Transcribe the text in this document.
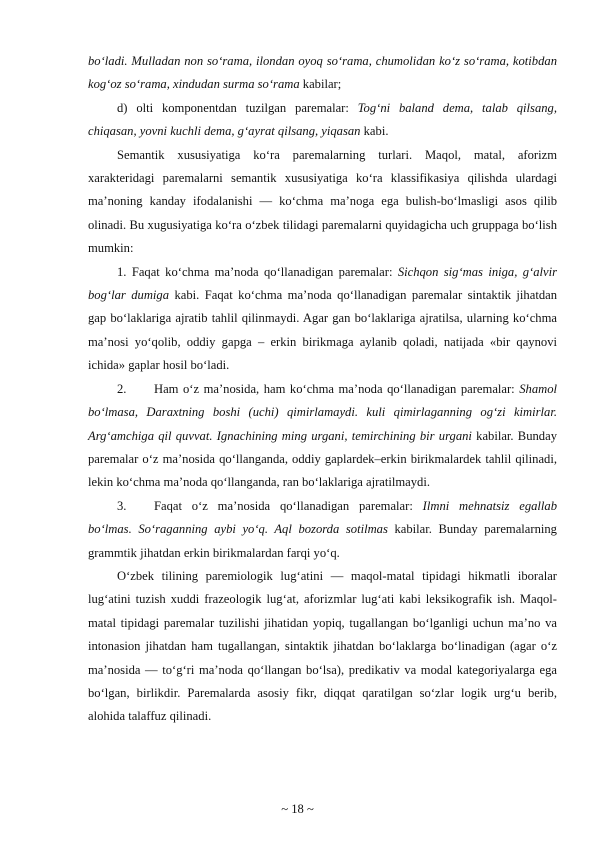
bo‘ladi. Mulladan non so‘rama, ilondan oyoq so‘rama, chumolidan ko‘z so‘rama, kotibdan kog‘oz so‘rama, xindudan surma so‘rama kabilar;

d) olti komponentdan tuzilgan paremalar: Tog‘ni baland dema, talab qilsang, chiqasan, yovni kuchli dema, g‘ayrat qilsang, yiqasan kabi.

Semantik xususiyatiga ko‘ra paremalarning turlari. Maqol, matal, aforizm xarakteridagi paremalarni semantik xususiyatiga ko‘ra klassifikasiya qilishda ulardagi ma’noning kanday ifodalanishi — ko‘chma ma’noga ega bulish-bo‘lmasligi asos qilib olinadi. Bu xugusiyatiga ko‘ra o‘zbek tilidagi paremalarni quyidagicha uch gruppaga bo‘lish mumkin:

1. Faqat ko‘chma ma’noda qo‘llanadigan paremalar: Sichqon sig‘mas iniga, g‘alvir bog‘lar dumiga kabi. Faqat ko‘chma ma’noda qo‘llanadigan paremalar sintaktik jihatdan gap bo‘laklariga ajratib tahlil qilinmaydi. Agar gan bo‘laklariga ajratilsa, ularning ko‘chma ma’nosi yo‘qolib, oddiy gapga – erkin birikmaga aylanib qoladi, natijada «bir qaynovi ichida» gaplar hosil bo‘ladi.

2. Ham o‘z ma’nosida, ham ko‘chma ma’noda qo‘llanadigan paremalar: Shamol bo‘lmasa, Daraxtning boshi (uchi) qimirlamaydi. kuli qimirlaganning og‘zi kimirlar. Arg‘amchiga qil quvvat. Ignachining ming urgani, temirchining bir urgani kabilar. Bunday paremalar o‘z ma’nosida qo‘llanganda, oddiy gaplardek–erkin birikmalardek tahlil qilinadi, lekin ko‘chma ma’noda qo‘llanganda, ran bo‘laklariga ajratilmaydi.

3. Faqat o‘z ma’nosida qo‘llanadigan paremalar: Ilmni mehnatsiz egallab bo‘lmas. So‘raganning aybi yo‘q. Aql bozorda sotilmas kabilar. Bunday paremalarning grammtik jihatdan erkin birikmalardan farqi yo‘q.

O‘zbek tilining paremiologik lug‘atini — maqol-matal tipidagi hikmatli iboralar lug‘atini tuzish xuddi frazeologik lug‘at, aforizmlar lug‘ati kabi leksikografik ish. Maqol-matal tipidagi paremalar tuzilishi jihatidan yopiq, tugallangan bo‘lganligi uchun ma’no va intonasion jihatdan ham tugallangan, sintaktik jihatdan bo‘laklarga bo‘linadigan (agar o‘z ma’nosida — to‘g‘ri ma’noda qo‘llangan bo‘lsa), predikativ va modal kategoriyalarga ega bo‘lgan, birlikdir. Paremalarda asosiy fikr, diqqat qaratilgan so‘zlar logik urg‘u berib, alohida talaffuz qilinadi.

~ 18 ~
